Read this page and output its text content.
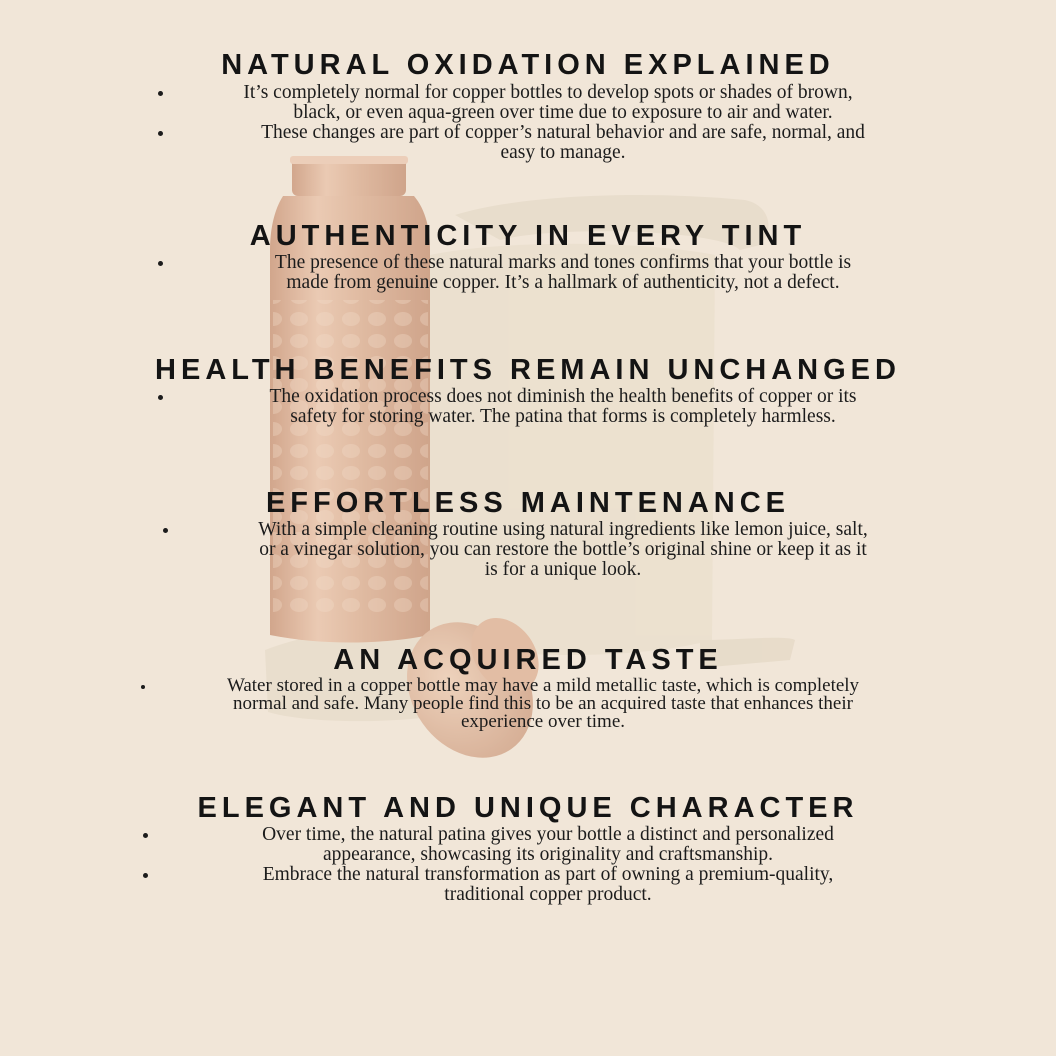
NATURAL OXIDATION EXPLAINED
It’s completely normal for copper bottles to develop spots or shades of brown,
black, or even aqua-green over time due to exposure to air and water.
These changes are part of copper’s natural behavior and are safe, normal, and
easy to manage.
AUTHENTICITY IN EVERY TINT
The presence of these natural marks and tones confirms that your bottle is
made from genuine copper. It’s a hallmark of authenticity, not a defect.
HEALTH BENEFITS REMAIN UNCHANGED
The oxidation process does not diminish the health benefits of copper or its
safety for storing water. The patina that forms is completely harmless.
EFFORTLESS MAINTENANCE
With a simple cleaning routine using natural ingredients like lemon juice, salt,
or a vinegar solution, you can restore the bottle’s original shine or keep it as it
is for a unique look.
AN ACQUIRED TASTE
Water stored in a copper bottle may have a mild metallic taste, which is completely
normal and safe. Many people find this to be an acquired taste that enhances their
experience over time.
ELEGANT AND UNIQUE CHARACTER
Over time, the natural patina gives your bottle a distinct and personalized
appearance, showcasing its originality and craftsmanship.
Embrace the natural transformation as part of owning a premium-quality,
traditional copper product.
